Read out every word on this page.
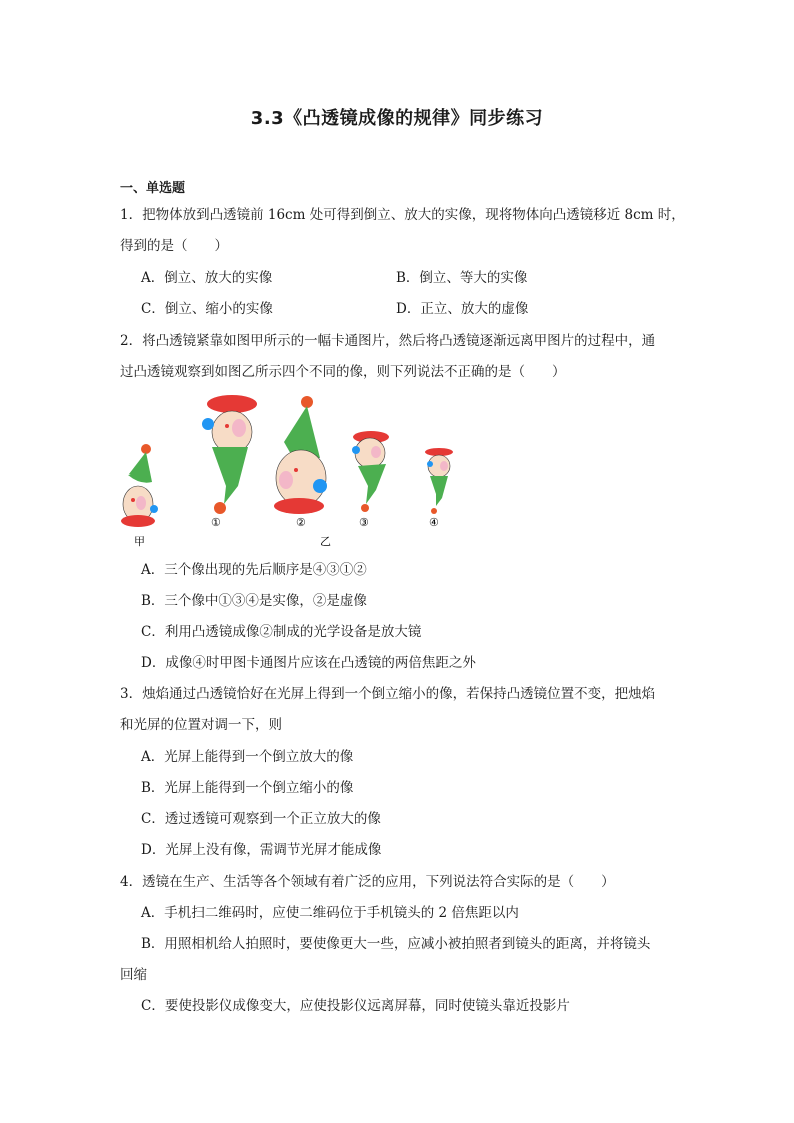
3.3《凸透镜成像的规律》同步练习
一、单选题
1．把物体放到凸透镜前 16cm 处可得到倒立、放大的实像，现将物体向凸透镜移近 8cm 时，
得到的是（　　）
A．倒立、放大的实像	B．倒立、等大的实像
C．倒立、缩小的实像	D．正立、放大的虚像
2．将凸透镜紧靠如图甲所示的一幅卡通图片，然后将凸透镜逐渐远离甲图片的过程中，通
过凸透镜观察到如图乙所示四个不同的像，则下列说法不正确的是（　　）
①	②	③	④
甲	乙
A．三个像出现的先后顺序是④③①②
B．三个像中①③④是实像，②是虚像
C．利用凸透镜成像②制成的光学设备是放大镜
D．成像④时甲图卡通图片应该在凸透镜的两倍焦距之外
3．烛焰通过凸透镜恰好在光屏上得到一个倒立缩小的像，若保持凸透镜位置不变，把烛焰
和光屏的位置对调一下，则
A．光屏上能得到一个倒立放大的像
B．光屏上能得到一个倒立缩小的像
C．透过透镜可观察到一个正立放大的像
D．光屏上没有像，需调节光屏才能成像
4．透镜在生产、生活等各个领域有着广泛的应用，下列说法符合实际的是（　　）
A．手机扫二维码时，应使二维码位于手机镜头的 2 倍焦距以内
B．用照相机给人拍照时，要使像更大一些，应减小被拍照者到镜头的距离，并将镜头
回缩
C．要使投影仪成像变大，应使投影仪远离屏幕，同时使镜头靠近投影片
